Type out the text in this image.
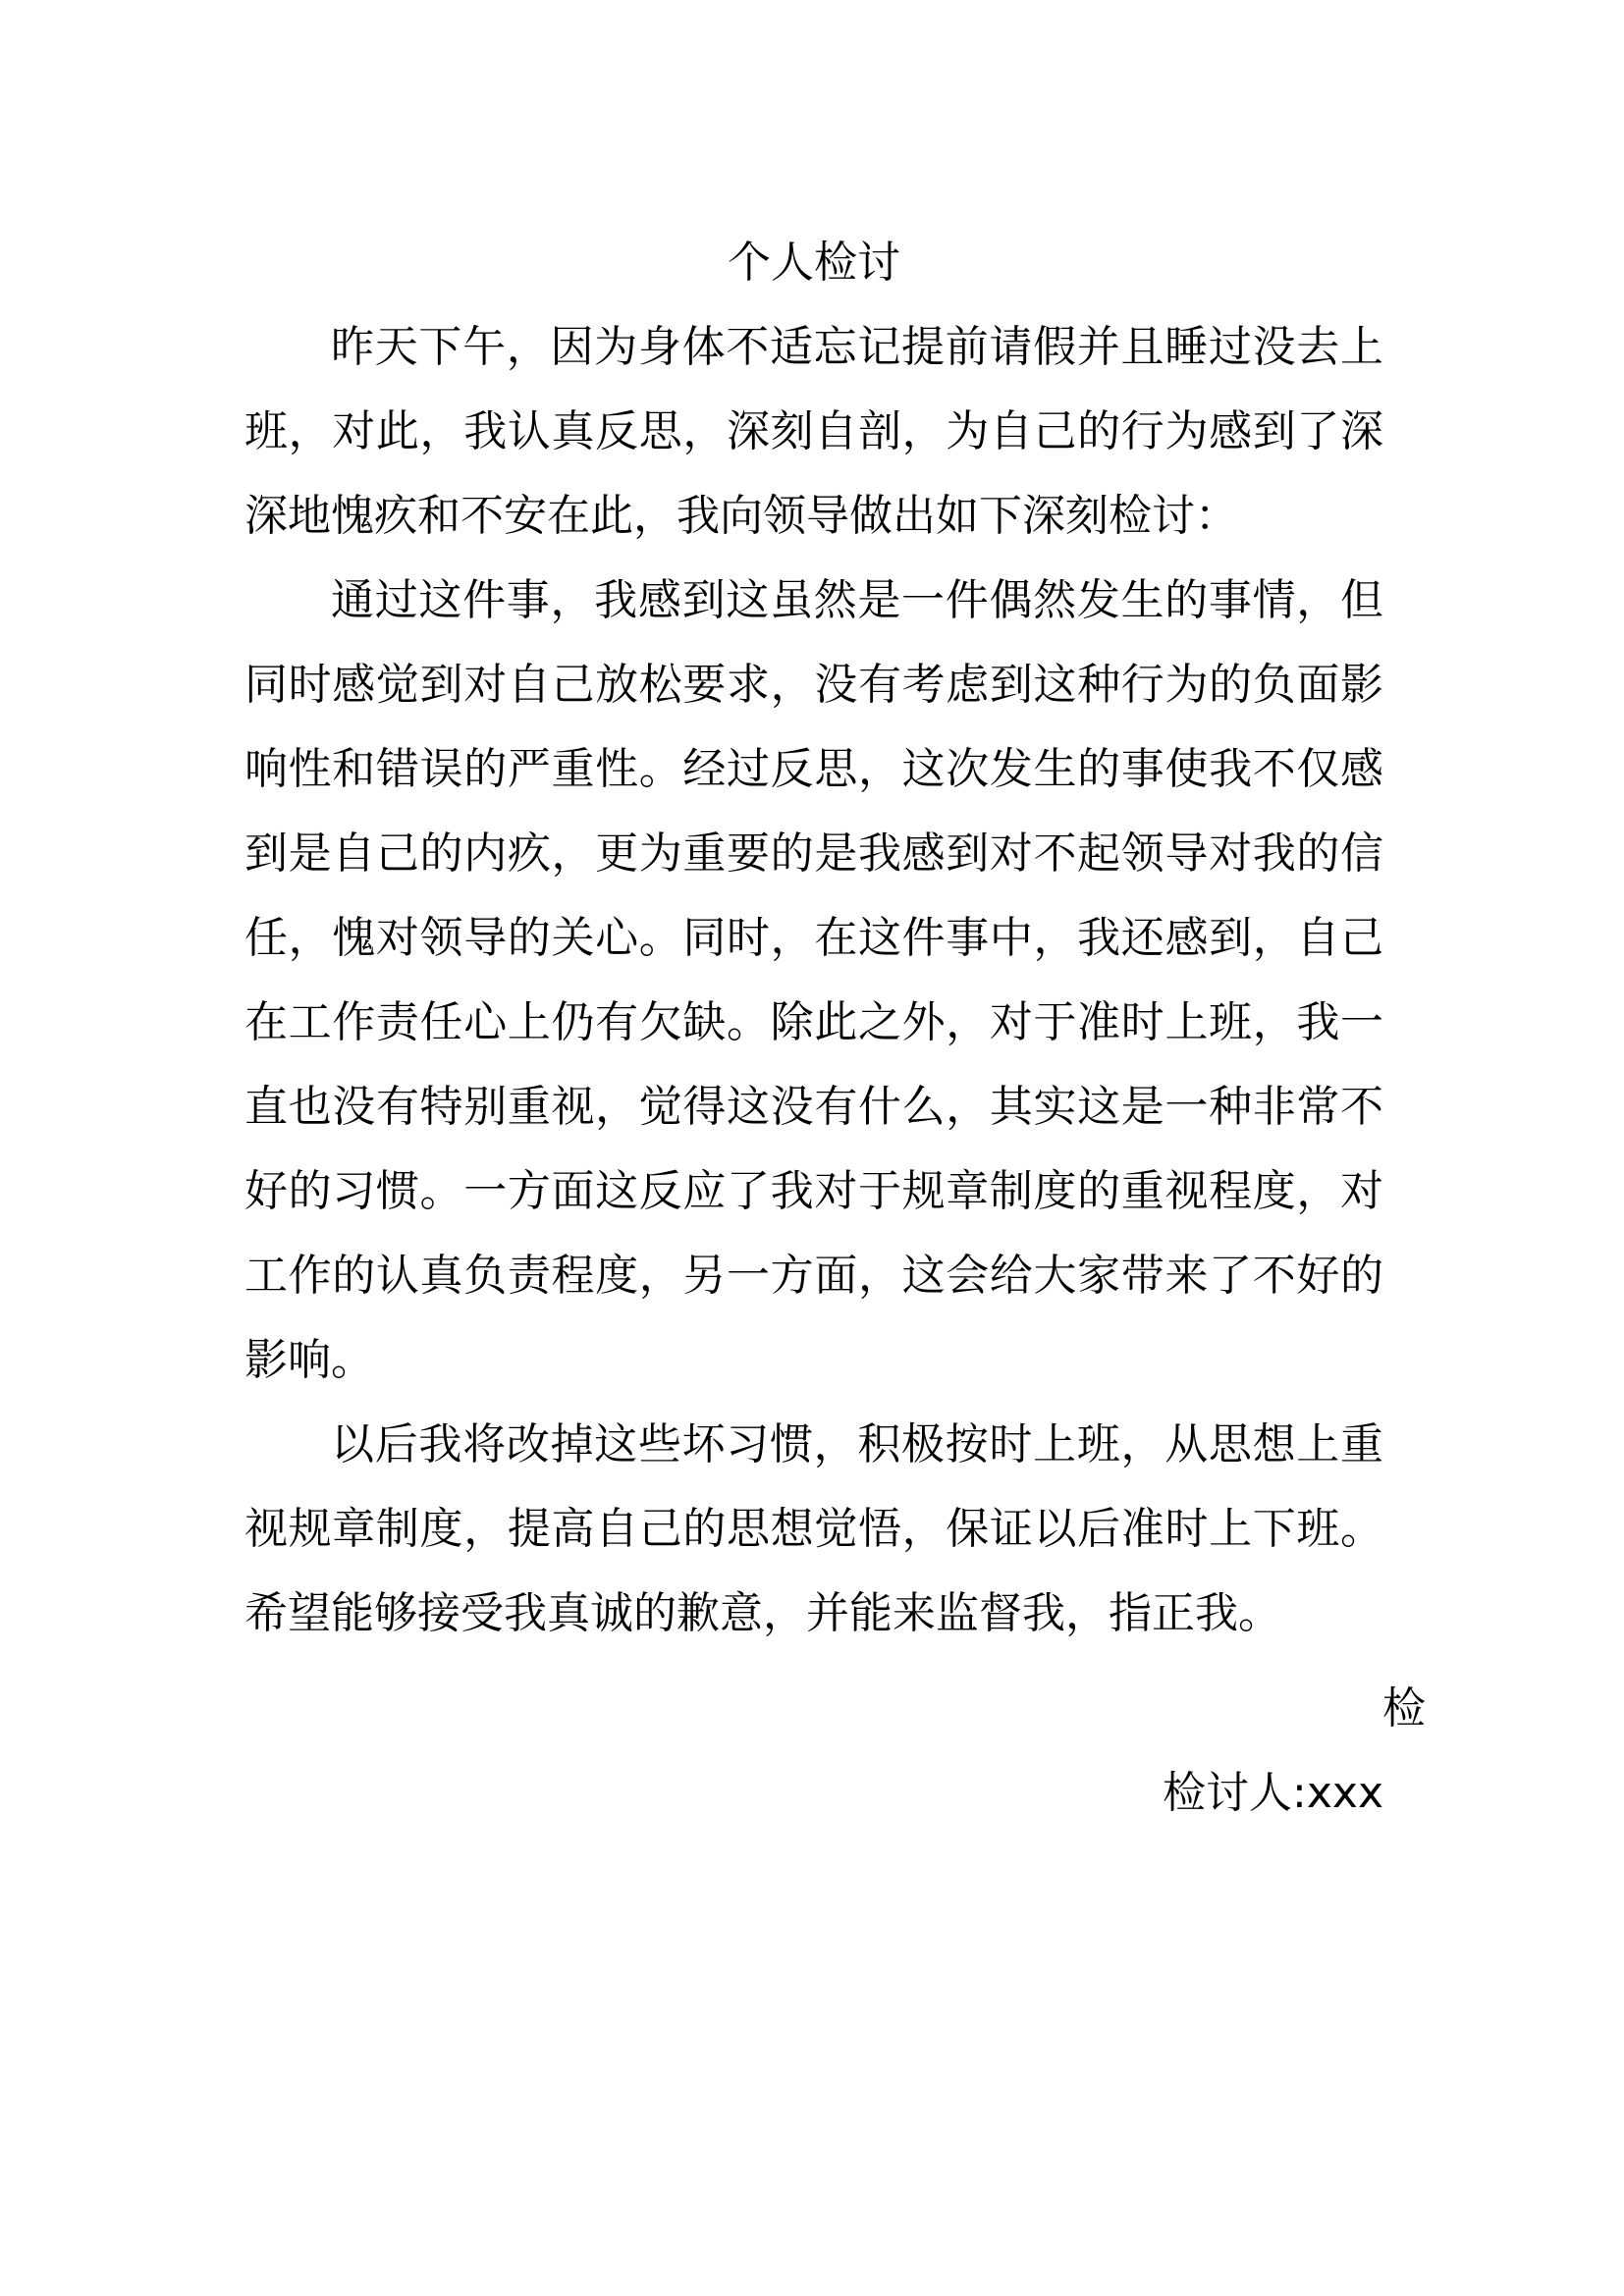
个人检讨

昨天下午，因为身体不适忘记提前请假并且睡过没去上班，对此，我认真反思，深刻自剖，为自己的行为感到了深深地愧疚和不安在此，我向领导做出如下深刻检讨：

通过这件事，我感到这虽然是一件偶然发生的事情，但同时感觉到对自己放松要求，没有考虑到这种行为的负面影响性和错误的严重性。经过反思，这次发生的事使我不仅感到是自己的内疚，更为重要的是我感到对不起领导对我的信任，愧对领导的关心。同时，在这件事中，我还感到，自己在工作责任心上仍有欠缺。除此之外，对于准时上班，我一直也没有特别重视，觉得这没有什么，其实这是一种非常不好的习惯。一方面这反应了我对于规章制度的重视程度，对工作的认真负责程度，另一方面，这会给大家带来了不好的影响。

以后我将改掉这些坏习惯，积极按时上班，从思想上重视规章制度，提高自己的思想觉悟，保证以后准时上下班。希望能够接受我真诚的歉意，并能来监督我，指正我。

检
检讨人:xxx
